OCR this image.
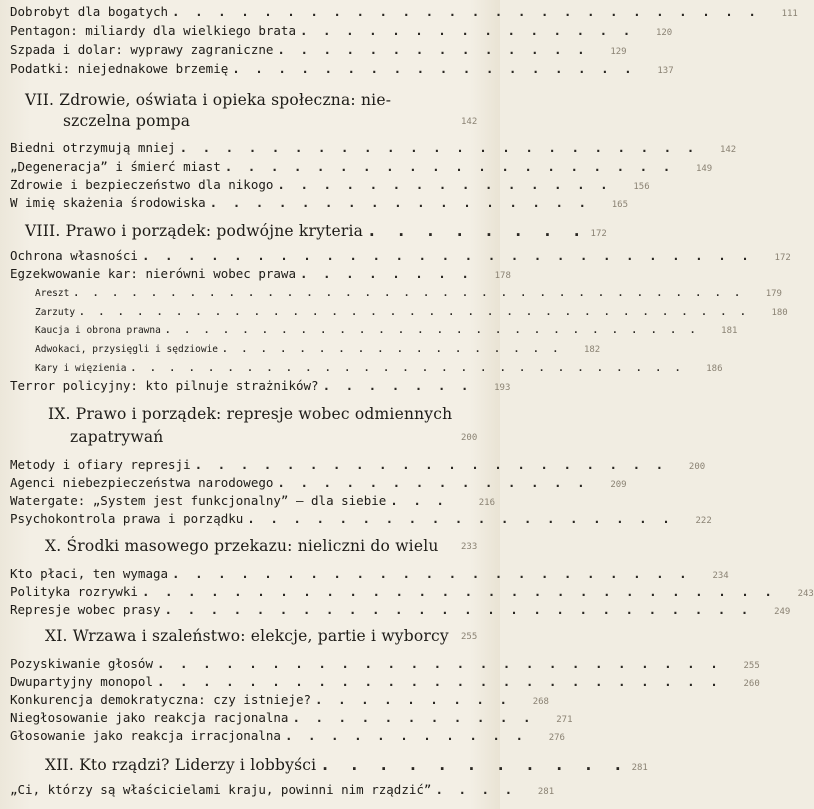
Dobrobyt dla bogatych . . . . . . . . . . . . . . . . . . . . . . . . . .	111
Pentagon: miliardy dla wielkiego brata . . . . . . . . . . . . . . .	120
Szpada i dolar: wyprawy zagraniczne . . . . . . . . . . . . . .	129
Podatki: niejednakowe brzemię . . . . . . . . . . . . . . . . . .	137
VII. Zdrowie, oświata i opieka społeczna: nie-
szczelna pompa	142
Biedni otrzymują mniej . . . . . . . . . . . . . . . . . . . . . . .	142
„Degeneracja” i śmierć miast . . . . . . . . . . . . . . . . . . . .	149
Zdrowie i bezpieczeństwo dla nikogo . . . . . . . . . . . . . . .	156
W imię skażenia środowiska . . . . . . . . . . . . . . . . .	165
VIII. Prawo i porządek: podwójne kryteria . . . . . . . . 172
Ochrona własności . . . . . . . . . . . . . . . . . . . . . . . . . . .	172
Egzekwowanie kar: nierówni wobec prawa . . . . . . . .	178
Areszt . . . . . . . . . . . . . . . . . . . . . . . . . . . . . . . . . . .	179
Zarzuty . . . . . . . . . . . . . . . . . . . . . . . . . . . . . . . . . . .	180
Kaucja i obrona prawna . . . . . . . . . . . . . . . . . . . . . . . . . . . .	181
Adwokaci, przysięgli i sędziowie . . . . . . . . . . . . . . . . . .	182
Kary i więzienia . . . . . . . . . . . . . . . . . . . . . . . . . . . . .	186
Terror policyjny: kto pilnuje strażników? . . . . . . .	193
IX. Prawo i porządek: represje wobec odmiennych
zapatrywań	200
Metody i ofiary represji . . . . . . . . . . . . . . . . . . . . .	200
Agenci niebezpieczeństwa narodowego . . . . . . . . . . . . . .	209
Watergate: „System jest funkcjonalny” — dla siebie . . .	216
Psychokontrola prawa i porządku . . . . . . . . . . . . . . . . . . .	222
X. Środki masowego przekazu: nieliczni do wielu 233
Kto płaci, ten wymaga . . . . . . . . . . . . . . . . . . . . . . .	234
Polityka rozrywki . . . . . . . . . . . . . . . . . . . . . . . . . . . .	243
Represje wobec prasy . . . . . . . . . . . . . . . . . . . . . . . . . .	249
XI. Wrzawa i szaleństwo: elekcje, partie i wyborcy 255
Pozyskiwanie głosów . . . . . . . . . . . . . . . . . . . . . . . . .	255
Dwupartyjny monopol . . . . . . . . . . . . . . . . . . . . . . . . .	260
Konkurencja demokratyczna: czy istnieje? . . . . . . . . .	268
Niegłosowanie jako reakcja racjonalna . . . . . . . . . . .	271
Głosowanie jako reakcja irracjonalna . . . . . . . . . . .	276
XII. Kto rządzi? Liderzy i lobbyści . . . . . . . . . . . 281
„Ci, którzy są właścicielami kraju, powinni nim rządzić” . . . .	281
